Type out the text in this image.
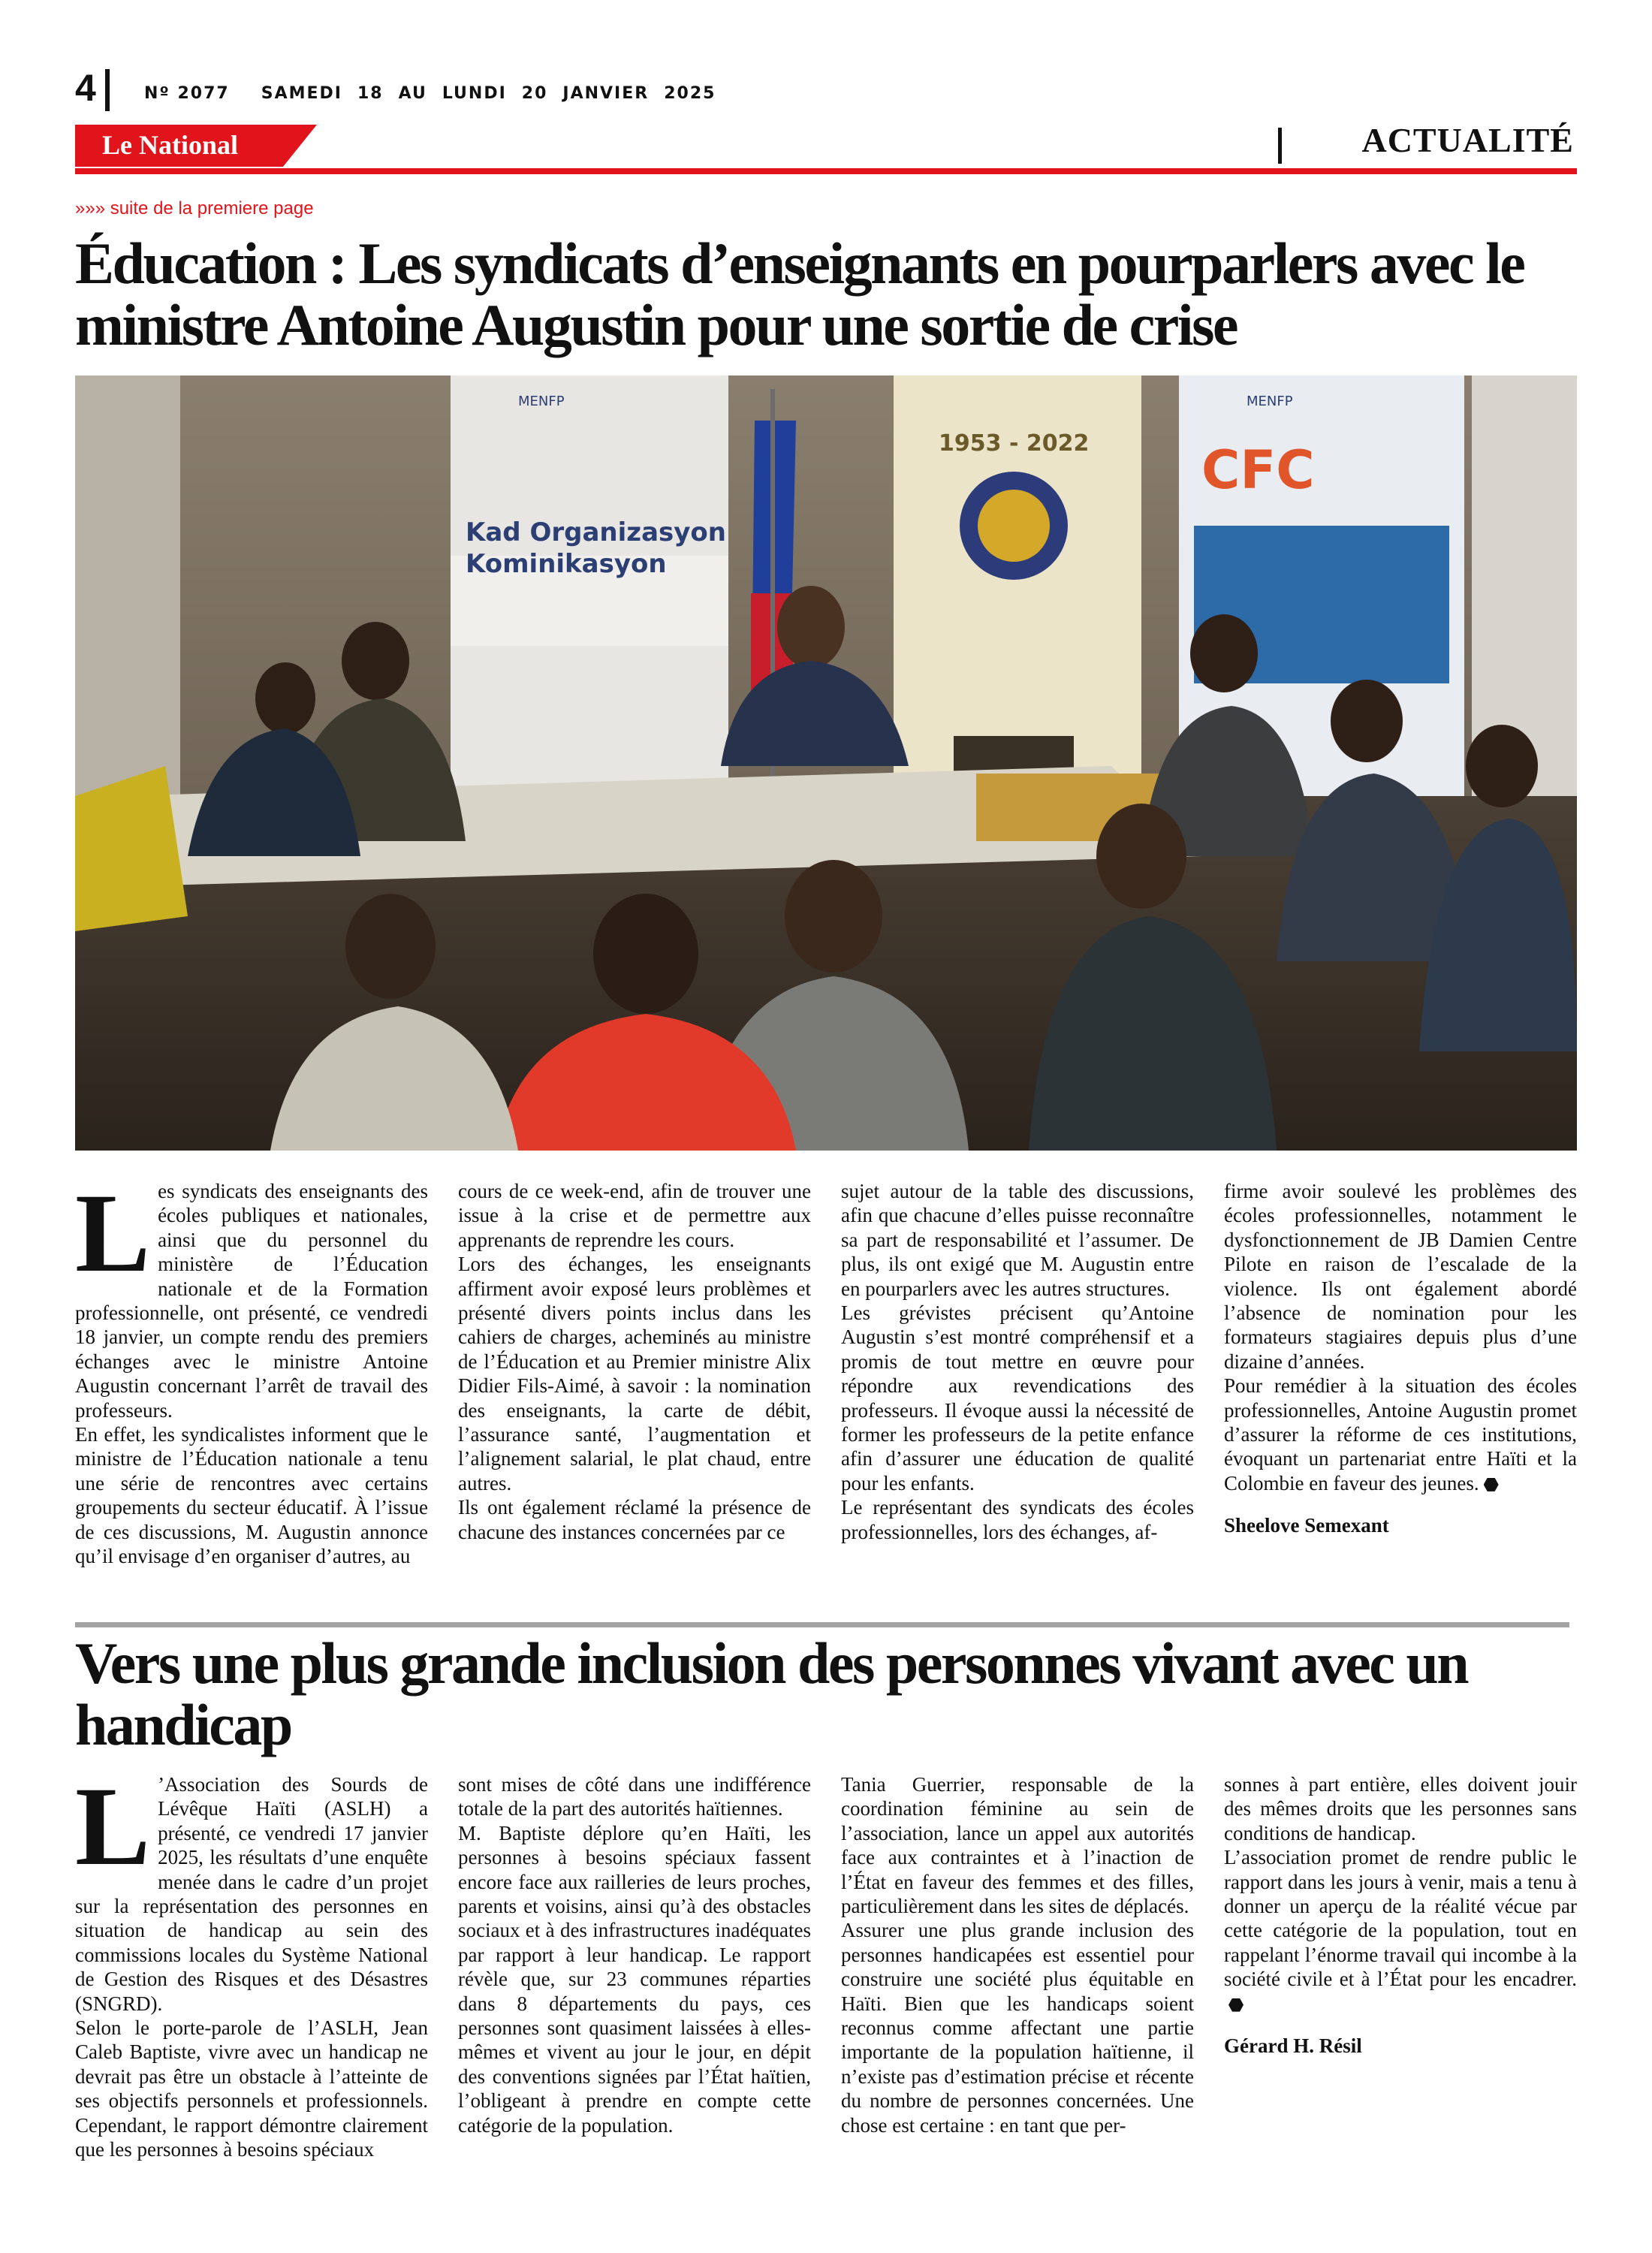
4	Nº 2077 SAMEDI 18 AU LUNDI 20 JANVIER 2025
Le National	ACTUALITÉ
»»» suite de la premiere page
Éducation : Les syndicats d’enseignants en pourparlers avec le ministre Antoine Augustin pour une sortie de crise
MENFP
Kad Organizasyon
Kominikasyon
1953 - 2022
MENFP
CFC
L es syndicats des enseignants des écoles publiques et nationales, ainsi que du personnel du ministère de l’Éducation nationale et de la Formation professionnelle, ont présenté, ce vendredi 18 janvier, un compte rendu des premiers échanges avec le ministre Antoine Augustin concernant l’arrêt de travail des professeurs.

En effet, les syndicalistes informent que le ministre de l’Éducation nationale a tenu une série de rencontres avec certains groupements du secteur éducatif. À l’issue de ces discussions, M. Augustin annonce qu’il envisage d’en organiser d’autres, au

cours de ce week-end, afin de trouver une issue à la crise et de permettre aux apprenants de reprendre les cours.

Lors des échanges, les enseignants affirment avoir exposé leurs problèmes et présenté divers points inclus dans les cahiers de charges, acheminés au ministre de l’Éducation et au Premier ministre Alix Didier Fils-Aimé, à savoir : la nomination des enseignants, la carte de débit, l’assurance santé, l’augmentation et l’alignement salarial, le plat chaud, entre autres.

Ils ont également réclamé la présence de chacune des instances concernées par ce

sujet autour de la table des discussions, afin que chacune d’elles puisse reconnaître sa part de responsabilité et l’assumer. De plus, ils ont exigé que M. Augustin entre en pourparlers avec les autres structures.

Les grévistes précisent qu’Antoine Augustin s’est montré compréhensif et a promis de tout mettre en œuvre pour répondre aux revendications des professeurs. Il évoque aussi la nécessité de former les professeurs de la petite enfance afin d’assurer une éducation de qualité pour les enfants.

Le représentant des syndicats des écoles professionnelles, lors des échanges, af-

firme avoir soulevé les problèmes des écoles professionnelles, notamment le dysfonctionnement de JB Damien Centre Pilote en raison de l’escalade de la violence. Ils ont également abordé l’absence de nomination pour les formateurs stagiaires depuis plus d’une dizaine d’années.

Pour remédier à la situation des écoles professionnelles, Antoine Augustin promet d’assurer la réforme de ces institutions, évoquant un partenariat entre Haïti et la Colombie en faveur des jeunes.

Sheelove Semexant

Vers une plus grande inclusion des personnes vivant avec un handicap
L ’Association des Sourds de Lévêque Haïti (ASLH) a présenté, ce vendredi 17 janvier 2025, les résultats d’une enquête menée dans le cadre d’un projet sur la représentation des personnes en situation de handicap au sein des commissions locales du Système National de Gestion des Risques et des Désastres (SNGRD).

Selon le porte-parole de l’ASLH, Jean Caleb Baptiste, vivre avec un handicap ne devrait pas être un obstacle à l’atteinte de ses objectifs personnels et professionnels. Cependant, le rapport démontre clairement que les personnes à besoins spéciaux

sont mises de côté dans une indifférence totale de la part des autorités haïtiennes.

M. Baptiste déplore qu’en Haïti, les personnes à besoins spéciaux fassent encore face aux railleries de leurs proches, parents et voisins, ainsi qu’à des obstacles sociaux et à des infrastructures inadéquates par rapport à leur handicap. Le rapport révèle que, sur 23 communes réparties dans 8 départements du pays, ces personnes sont quasiment laissées à elles-mêmes et vivent au jour le jour, en dépit des conventions signées par l’État haïtien, l’obligeant à prendre en compte cette catégorie de la population.

Tania Guerrier, responsable de la coordination féminine au sein de l’association, lance un appel aux autorités face aux contraintes et à l’inaction de l’État en faveur des femmes et des filles, particulièrement dans les sites de déplacés.

Assurer une plus grande inclusion des personnes handicapées est essentiel pour construire une société plus équitable en Haïti. Bien que les handicaps soient reconnus comme affectant une partie importante de la population haïtienne, il n’existe pas d’estimation précise et récente du nombre de personnes concernées. Une chose est certaine : en tant que per-

sonnes à part entière, elles doivent jouir des mêmes droits que les personnes sans conditions de handicap.

L’association promet de rendre public le rapport dans les jours à venir, mais a tenu à donner un aperçu de la réalité vécue par cette catégorie de la population, tout en rappelant l’énorme travail qui incombe à la société civile et à l’État pour les encadrer.

Gérard H. Résil
